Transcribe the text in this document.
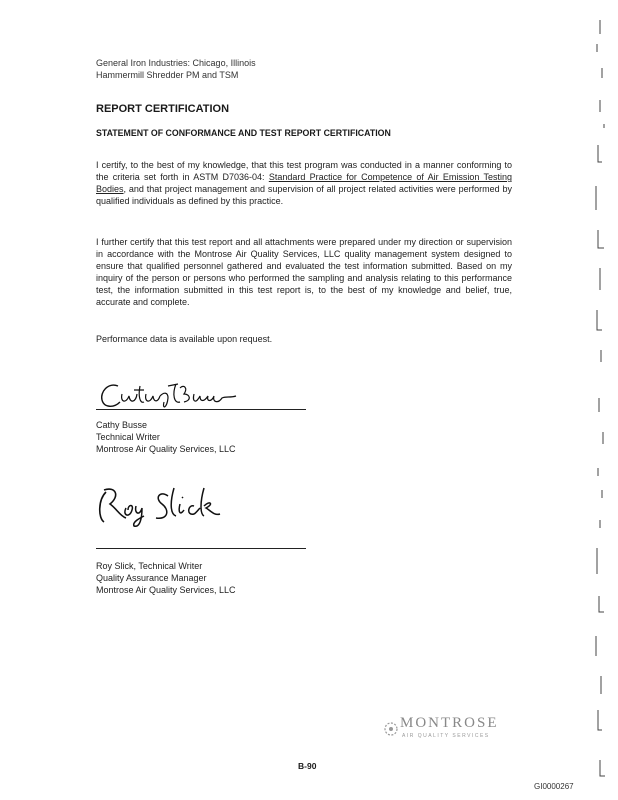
General Iron Industries: Chicago, Illinois
Hammermill Shredder PM and TSM
REPORT CERTIFICATION
STATEMENT OF CONFORMANCE AND TEST REPORT CERTIFICATION
I certify, to the best of my knowledge, that this test program was conducted in a manner conforming to the criteria set forth in ASTM D7036-04: Standard Practice for Competence of Air Emission Testing Bodies, and that project management and supervision of all project related activities were performed by qualified individuals as defined by this practice.
I further certify that this test report and all attachments were prepared under my direction or supervision in accordance with the Montrose Air Quality Services, LLC quality management system designed to ensure that qualified personnel gathered and evaluated the test information submitted. Based on my inquiry of the person or persons who performed the sampling and analysis relating to this performance test, the information submitted in this test report is, to the best of my knowledge and belief, true, accurate and complete.
Performance data is available upon request.
Cathy Busse
Technical Writer
Montrose Air Quality Services, LLC
Roy Slick, Technical Writer
Quality Assurance Manager
Montrose Air Quality Services, LLC
MONTROSE
AIR QUALITY SERVICES
B-90
GI0000267
